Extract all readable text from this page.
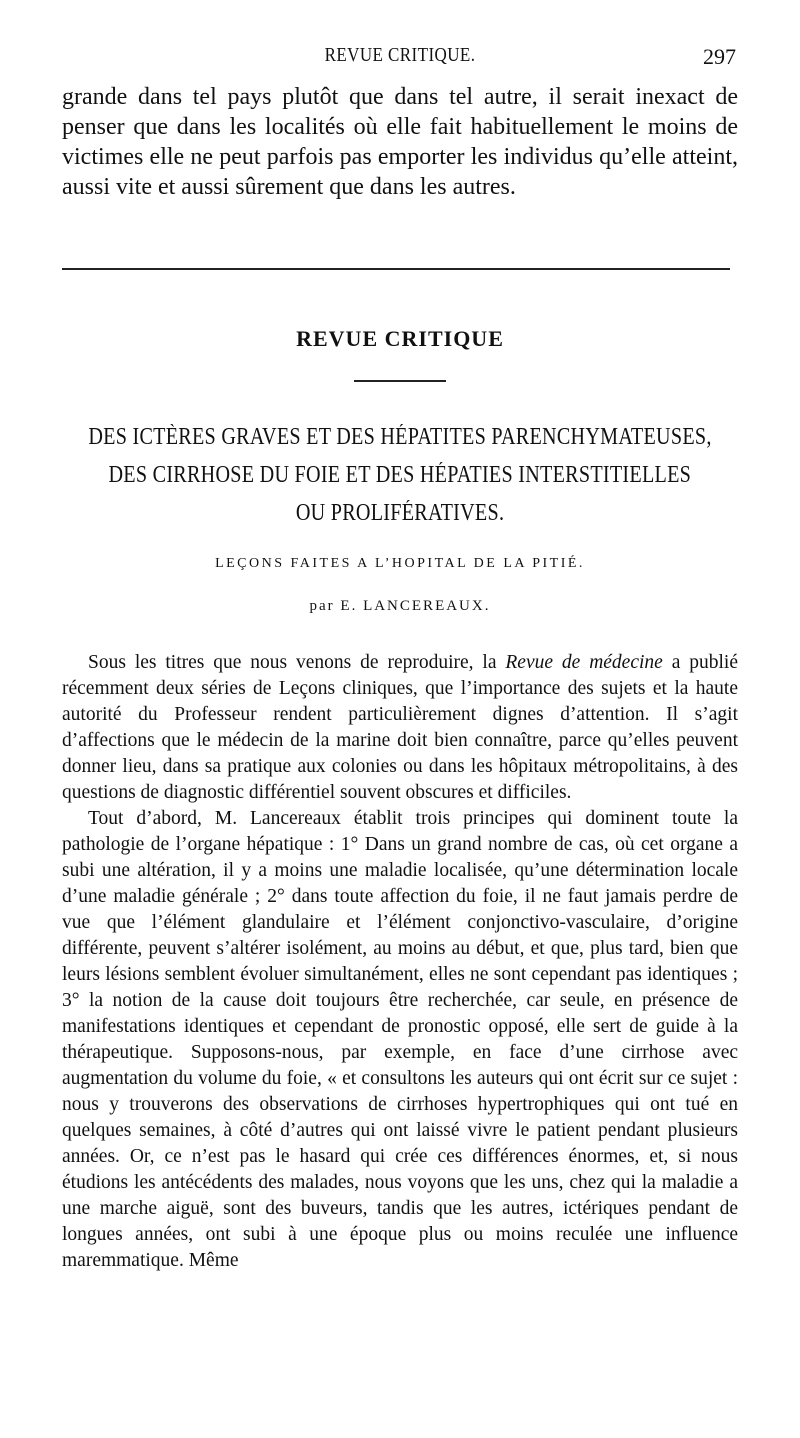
REVUE CRITIQUE.	297
grande dans tel pays plutôt que dans tel autre, il serait inexact de penser que dans les localités où elle fait habituellement le moins de victimes elle ne peut parfois pas emporter les individus qu’elle atteint, aussi vite et aussi sûrement que dans les autres.
REVUE CRITIQUE
DES ICTÈRES GRAVES ET DES HÉPATITES PARENCHYMATEUSES,
DES CIRRHOSE DU FOIE ET DES HÉPATIES INTERSTITIELLES
OU PROLIFÉRATIVES.
LEÇONS FAITES A L’HOPITAL DE LA PITIÉ.
par E. LANCEREAUX.

Sous les titres que nous venons de reproduire, la Revue de médecine a publié récemment deux séries de Leçons cliniques, que l’importance des sujets et la haute autorité du Professeur rendent particulièrement dignes d’attention. Il s’agit d’affections que le médecin de la marine doit bien connaître, parce qu’elles peuvent donner lieu, dans sa pratique aux colonies ou dans les hôpitaux métropolitains, à des questions de diagnostic différentiel souvent obscures et difficiles.

Tout d’abord, M. Lancereaux établit trois principes qui dominent toute la pathologie de l’organe hépatique : 1° Dans un grand nombre de cas, où cet organe a subi une altération, il y a moins une maladie localisée, qu’une détermination locale d’une maladie générale ; 2° dans toute affection du foie, il ne faut jamais perdre de vue que l’élément glandulaire et l’élément conjonctivo-vasculaire, d’origine différente, peuvent s’altérer isolément, au moins au début, et que, plus tard, bien que leurs lésions semblent évoluer simultanément, elles ne sont cependant pas identiques ; 3° la notion de la cause doit toujours être recherchée, car seule, en présence de manifestations identiques et cependant de pronostic opposé, elle sert de guide à la thérapeutique. Supposons-nous, par exemple, en face d’une cirrhose avec augmentation du volume du foie, « et consultons les auteurs qui ont écrit sur ce sujet : nous y trouverons des observations de cirrhoses hypertrophiques qui ont tué en quelques semaines, à côté d’autres qui ont laissé vivre le patient pendant plusieurs années. Or, ce n’est pas le hasard qui crée ces différences énormes, et, si nous étudions les antécédents des malades, nous voyons que les uns, chez qui la maladie a une marche aiguë, sont des buveurs, tandis que les autres, ictériques pendant de longues années, ont subi à une époque plus ou moins reculée une influence maremmatique. Même
